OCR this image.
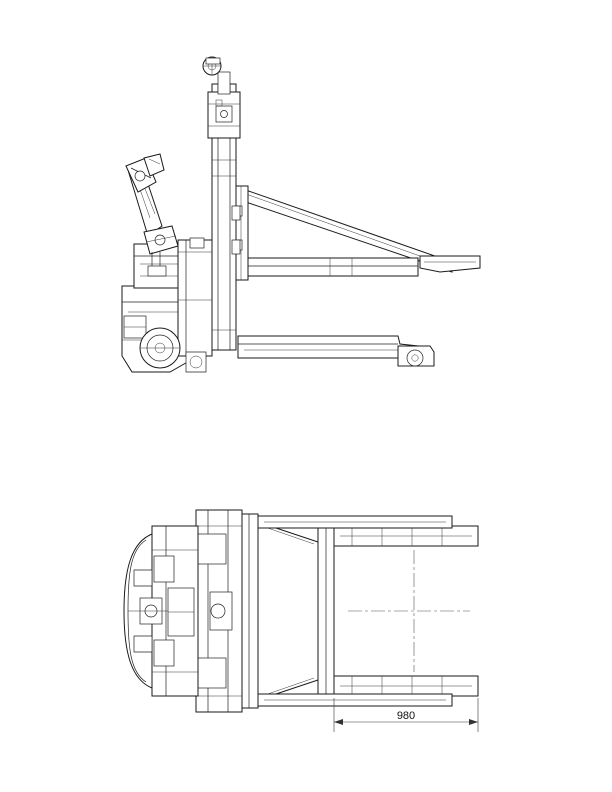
980
